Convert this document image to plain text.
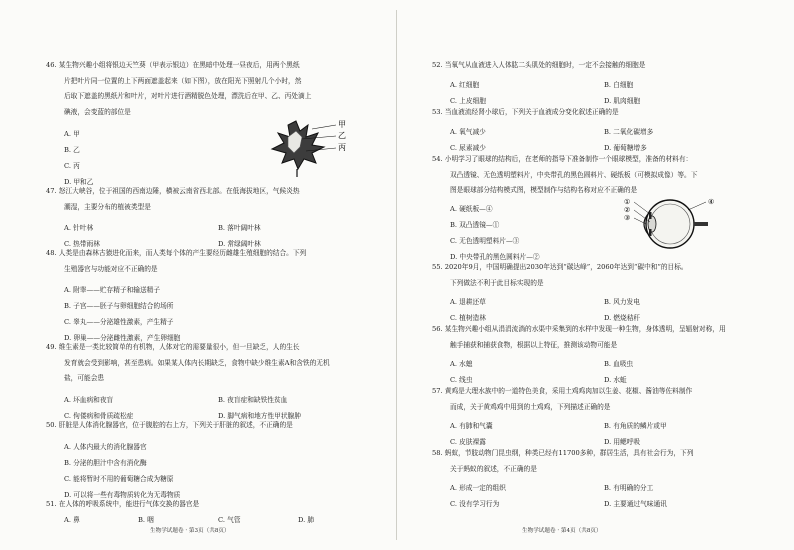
46. 某生物兴趣小组将银边天竺葵（甲表示银边）在黑暗中处理一昼夜后，用两个黑纸

片把叶片同一位置的上下两面遮盖起来（如下图），放在阳光下照射几个小时，然

后取下遮盖的黑纸片和叶片，对叶片进行酒精脱色处理，漂洗后在甲、乙、丙处滴上

碘液，会变蓝的部位是

A. 甲
B. 乙
C. 丙
D. 甲和乙
甲
乙
丙

47. 怒江大峡谷，位于祖国的西南边陲，横被云南省西北部。在低海拔地区，气候炎热

潮湿，主要分布的植被类型是

A. 针叶林	B. 落叶阔叶林
C. 热带雨林	D. 常绿阔叶林

48. 人类是由森林古猿进化而来，而人类每个体的产生要经历雌雄生殖细胞的结合。下列

生殖器官与功能对应不正确的是

A. 附睾——贮存精子和输送精子
B. 子宫——胚子与卵细胞结合的场所
C. 睾丸——分泌雄性激素，产生精子
D. 卵巢——分泌雌性激素，产生卵细胞

49. 维生素是一类比较简单的有机物，人体对它的需要量很小，但一旦缺乏，人的生长

发育就会受到影响，甚至患病。如果某人体内长期缺乏，食物中缺少维生素A和含铁的无机

盐，可能会患

A. 坏血病和夜盲	B. 夜盲症和缺铁性贫血
C. 佝偻病和骨质疏松症	D. 脚气病和地方性甲状腺肿

50. 肝脏是人体消化腺器官，位于腹腔的右上方，下列关于肝脏的叙述，不正确的是

A. 人体内最大的消化腺器官
B. 分泌的胆汁中含有消化酶
C. 能将暂时不用的葡萄糖合成为糖原
D. 可以将一些有毒物质转化为无毒物质

51. 在人体的呼吸系统中，能进行气体交换的器官是

A. 鼻	B. 咽	C. 气管	D. 肺
生物学试题卷 · 第3页（共8页）

52. 当氧气从血液进入人体肱二头肌处的细胞时，一定不会接触的细胞是

A. 红细胞	B. 白细胞
C. 上皮细胞	D. 肌肉细胞

53. 当血液流经肾小球后，下列关于血液成分变化叙述正确的是

A. 氧气减少	B. 二氧化碳增多
C. 尿素减少	D. 葡萄糖增多

54. 小明学习了眼球的结构后，在老师的指导下准备制作一个眼球模型，准备的材料有：

双凸透镜、无色透明塑料片，中央带孔的黑色圆料片、硬纸板（可模拟成像）等。下

图是眼球部分结构模式图，模型制作与结构名称对应不正确的是

A. 硬纸板—④
B. 双凸透镜—①
C. 无色透明塑料片—③
D. 中央带孔的黑色圆料片—②

55. 2020年9月，中国明确提出2030年达到“碳达峰”，2060年达到“碳中和”的目标。

下列做法不利于此目标实现的是

A. 退耕还草	B. 风力发电
C. 植树造林	D. 燃烧秸秆

56. 某生物兴趣小组从涓涓流淌的水渠中采集到的水样中发现一种生物，身体透明，呈辐射对称，用

触手捕获和捕获食物，根据以上特征，推测该动物可能是

A. 水螅	B. 血吸虫
C. 线虫	D. 水蚯

57. 黄鸡是大理水族中的一道特色美食，采用土鸡鸡肉加以生姜、花椒、酱油等佐料制作

而成，关于黄鸡鸡中用到的土鸡鸡，下列描述正确的是

A. 有肺和气囊	B. 有角质的鳞片或甲
C. 皮肤裸露	D. 用鳃呼吸

58. 蚂蚁，节肢动物门昆虫纲，种类已经有11700多种，群居生活，具有社会行为，下列

关于蚂蚁的叙述，不正确的是

A. 形成一定的组织	B. 有明确的分工
C. 没有学习行为	D. 主要通过气味通讯
生物学试题卷 · 第4页（共8页）
①
②
③
④
